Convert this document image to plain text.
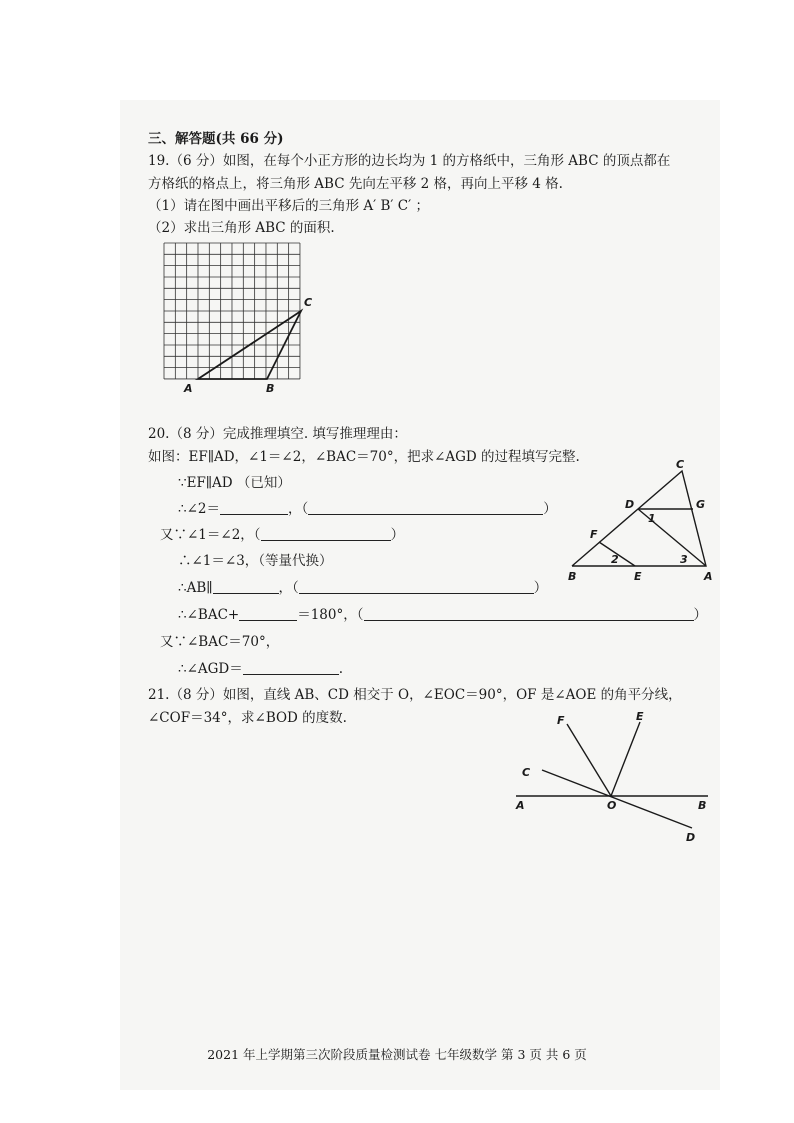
三、解答题(共 66 分)
19.（6 分）如图，在每个小正方形的边长均为 1 的方格纸中，三角形 ABC 的顶点都在
方格纸的格点上，将三角形 ABC 先向左平移 2 格，再向上平移 4 格.
（1）请在图中画出平移后的三角形 A′ B′ C′ ；
（2）求出三角形 ABC 的面积.
A	B
C
20.（8 分）完成推理填空. 填写推理理由：
如图：EF∥AD，∠1＝∠2，∠BAC＝70°，把求∠AGD 的过程填写完整.
∵EF∥AD （已知）
∴∠2＝	，（	）
又∵∠1＝∠2，（	）
∴∠1＝∠3，（等量代换）
∴AB∥	，（	）
∴∠BAC+	＝180°，（	）
又∵∠BAC＝70°，
∴∠AGD＝	.
C
D	G
1
F
2	3
B	E	A
21.（8 分）如图，直线 AB、CD 相交于 O，∠EOC＝90°，OF 是∠AOE 的角平分线，
∠COF＝34°，求∠BOD 的度数.	F	E
C
A	O	B
D
2021 年上学期第三次阶段质量检测试卷 七年级数学 第 3 页 共 6 页
